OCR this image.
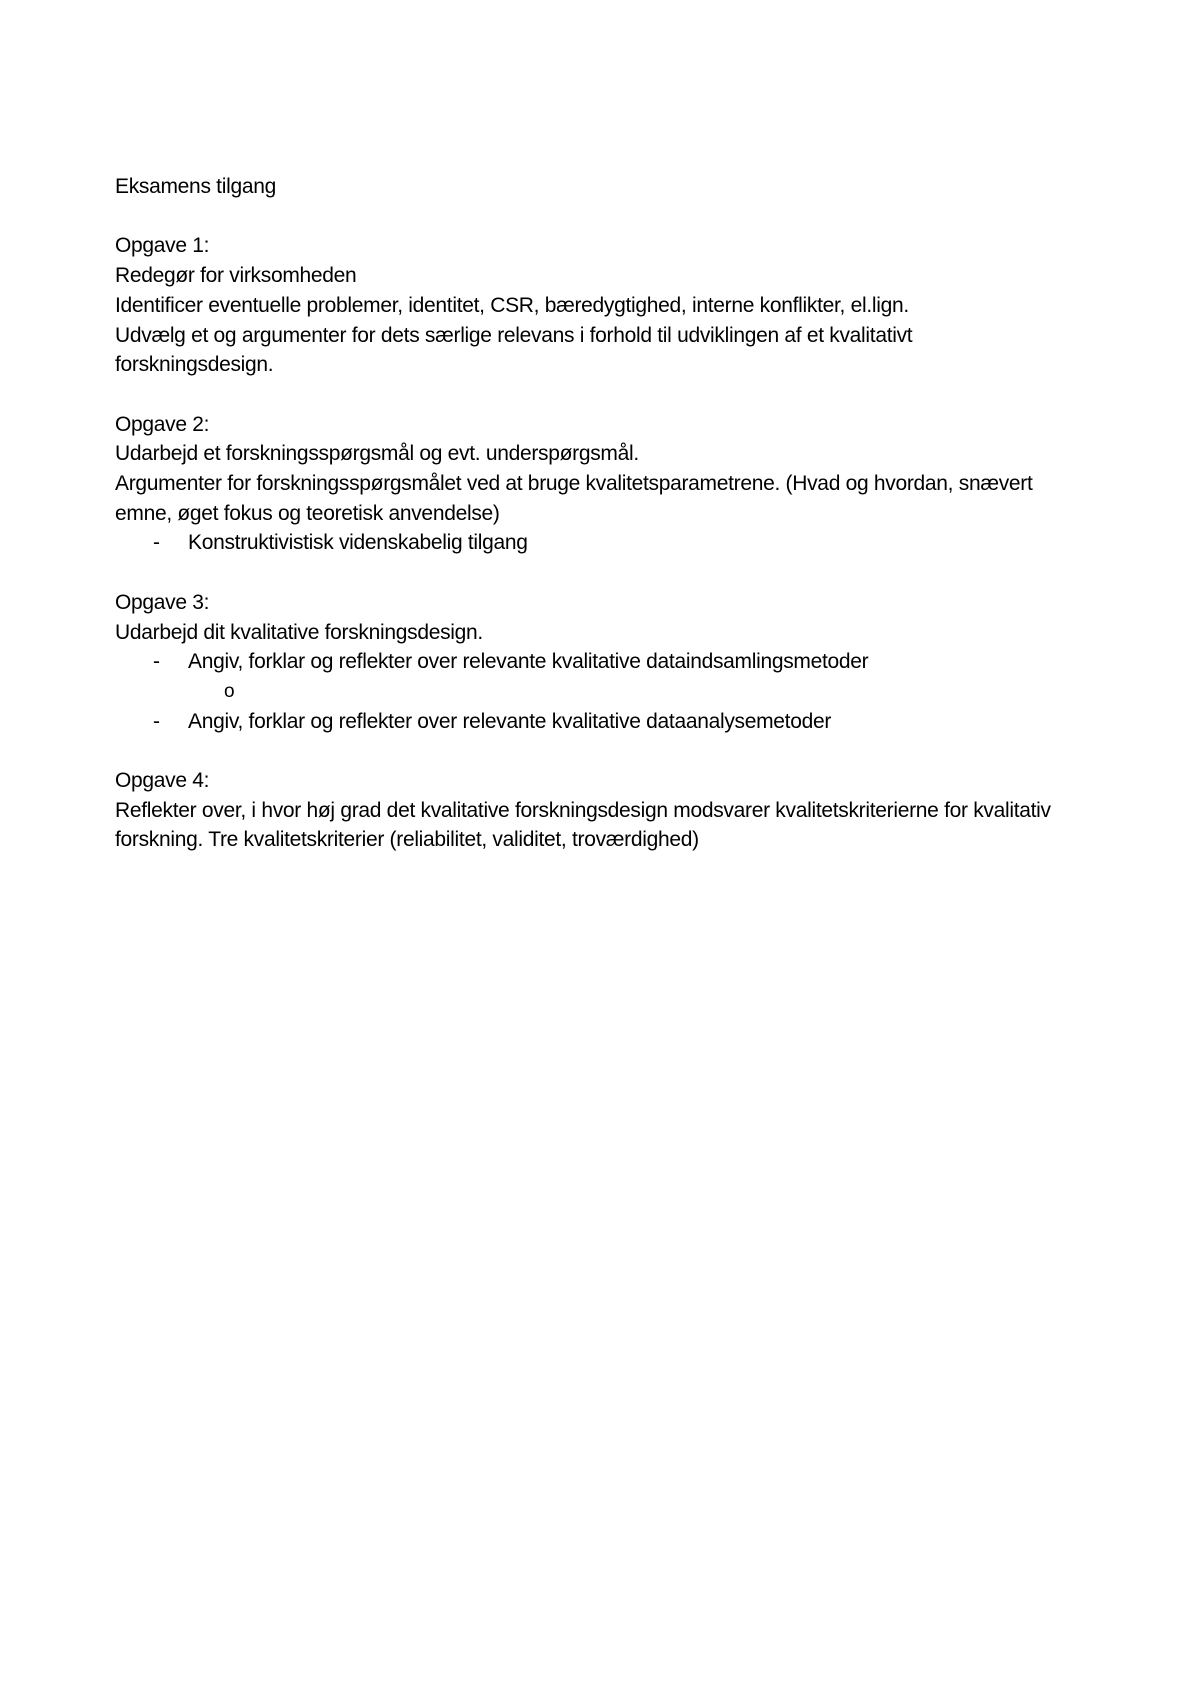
Eksamens tilgang

Opgave 1:

Redegør for virksomheden

Identificer eventuelle problemer, identitet, CSR, bæredygtighed, interne konflikter, el.lign.

Udvælg et og argumenter for dets særlige relevans i forhold til udviklingen af et kvalitativt forskningsdesign.

Opgave 2:

Udarbejd et forskningsspørgsmål og evt. underspørgsmål.

Argumenter for forskningsspørgsmålet ved at bruge kvalitetsparametrene. (Hvad og hvordan, snævert emne, øget fokus og teoretisk anvendelse)

- Konstruktivistisk videnskabelig tilgang

Opgave 3:

Udarbejd dit kvalitative forskningsdesign.

- Angiv, forklar og reflekter over relevante kvalitative dataindsamlingsmetoder
o
- Angiv, forklar og reflekter over relevante kvalitative dataanalysemetoder

Opgave 4:

Reflekter over, i hvor høj grad det kvalitative forskningsdesign modsvarer kvalitetskriterierne for kvalitativ forskning. Tre kvalitetskriterier (reliabilitet, validitet, troværdighed)
